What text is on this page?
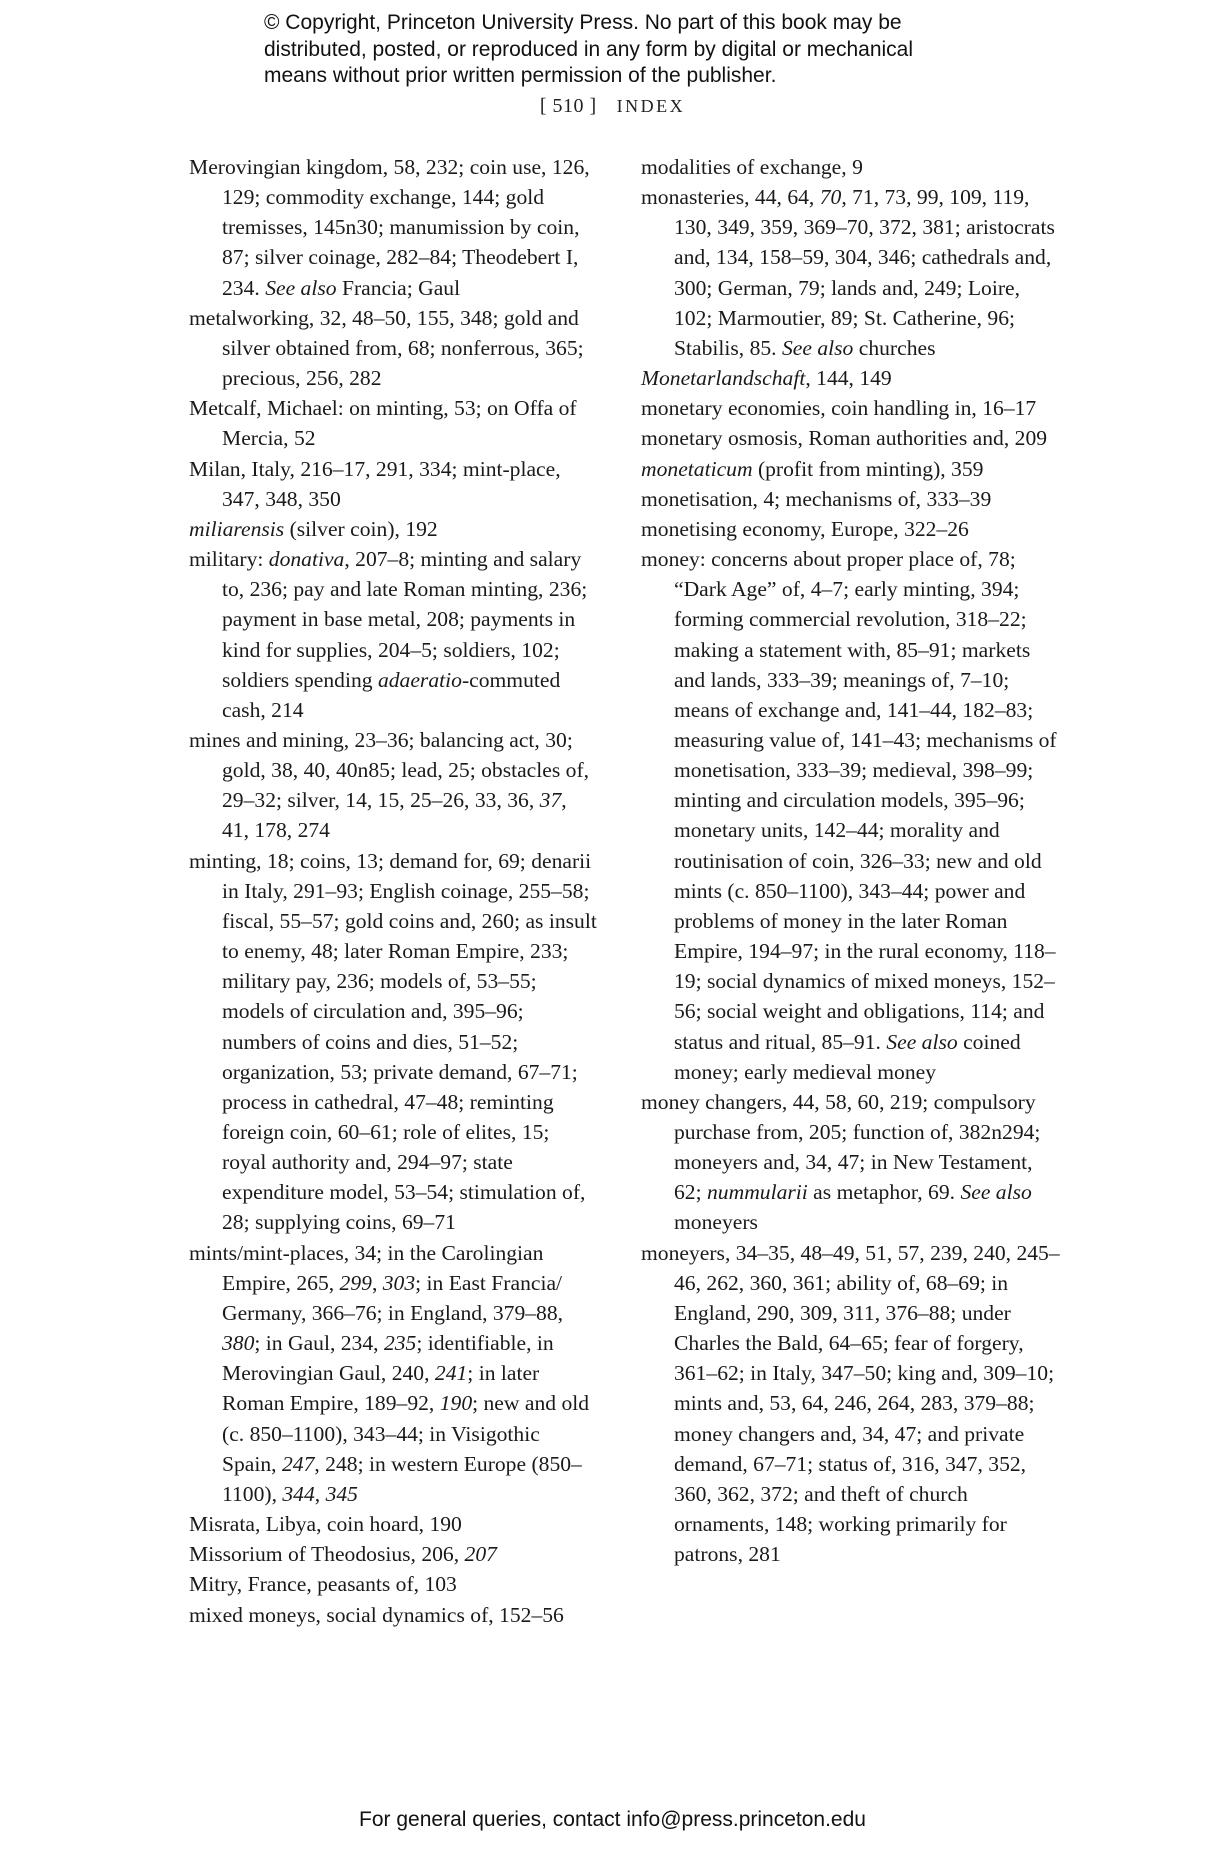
© Copyright, Princeton University Press. No part of this book may be
distributed, posted, or reproduced in any form by digital or mechanical
means without prior written permission of the publisher.
[ 510 ] INDEX

Merovingian kingdom, 58, 232; coin use, 126, 129; commodity exchange, 144; gold tremisses, 145n30; manumission by coin, 87; silver coinage, 282–84; Theodebert I, 234. See also Francia; Gaul

metalworking, 32, 48–50, 155, 348; gold and silver obtained from, 68; nonferrous, 365; precious, 256, 282

Metcalf, Michael: on minting, 53; on Offa of Mercia, 52

Milan, Italy, 216–17, 291, 334; mint-place, 347, 348, 350

miliarensis (silver coin), 192

military: donativa, 207–8; minting and salary to, 236; pay and late Roman minting, 236; payment in base metal, 208; payments in kind for supplies, 204–5; soldiers, 102; soldiers spending adaeratio-commuted cash, 214

mines and mining, 23–36; balancing act, 30; gold, 38, 40, 40n85; lead, 25; obstacles of, 29–32; silver, 14, 15, 25–26, 33, 36, 37, 41, 178, 274

minting, 18; coins, 13; demand for, 69; denarii in Italy, 291–93; English coinage, 255–58; fiscal, 55–57; gold coins and, 260; as insult to enemy, 48; later Roman Empire, 233; military pay, 236; models of, 53–55; models of circulation and, 395–96; numbers of coins and dies, 51–52; organization, 53; private demand, 67–71; process in cathedral, 47–48; reminting foreign coin, 60–61; role of elites, 15; royal authority and, 294–97; state expenditure model, 53–54; stimulation of, 28; supplying coins, 69–71

mints/mint-places, 34; in the Carolingian Empire, 265, 299, 303; in East Francia/ Germany, 366–76; in England, 379–88, 380; in Gaul, 234, 235; identifiable, in Merovingian Gaul, 240, 241; in later Roman Empire, 189–92, 190; new and old (c. 850–1100), 343–44; in Visigothic Spain, 247, 248; in western Europe (850–1100), 344, 345

Misrata, Libya, coin hoard, 190

Missorium of Theodosius, 206, 207

Mitry, France, peasants of, 103

mixed moneys, social dynamics of, 152–56

modalities of exchange, 9

monasteries, 44, 64, 70, 71, 73, 99, 109, 119, 130, 349, 359, 369–70, 372, 381; aristocrats and, 134, 158–59, 304, 346; cathedrals and, 300; German, 79; lands and, 249; Loire, 102; Marmoutier, 89; St. Catherine, 96; Stabilis, 85. See also churches

Monetarlandschaft, 144, 149

monetary economies, coin handling in, 16–17

monetary osmosis, Roman authorities and, 209

monetaticum (profit from minting), 359

monetisation, 4; mechanisms of, 333–39

monetising economy, Europe, 322–26

money: concerns about proper place of, 78; “Dark Age” of, 4–7; early minting, 394; forming commercial revolution, 318–22; making a statement with, 85–91; markets and lands, 333–39; meanings of, 7–10; means of exchange and, 141–44, 182–83; measuring value of, 141–43; mechanisms of monetisation, 333–39; medieval, 398–99; minting and circulation models, 395–96; monetary units, 142–44; morality and routinisation of coin, 326–33; new and old mints (c. 850–1100), 343–44; power and problems of money in the later Roman Empire, 194–97; in the rural economy, 118–19; social dynamics of mixed moneys, 152–56; social weight and obligations, 114; and status and ritual, 85–91. See also coined money; early medieval money

money changers, 44, 58, 60, 219; compulsory purchase from, 205; function of, 382n294; moneyers and, 34, 47; in New Testament, 62; nummularii as metaphor, 69. See also moneyers

moneyers, 34–35, 48–49, 51, 57, 239, 240, 245–46, 262, 360, 361; ability of, 68–69; in England, 290, 309, 311, 376–88; under Charles the Bald, 64–65; fear of forgery, 361–62; in Italy, 347–50; king and, 309–10; mints and, 53, 64, 246, 264, 283, 379–88; money changers and, 34, 47; and private demand, 67–71; status of, 316, 347, 352, 360, 362, 372; and theft of church ornaments, 148; working primarily for patrons, 281

For general queries, contact info@press.princeton.edu
